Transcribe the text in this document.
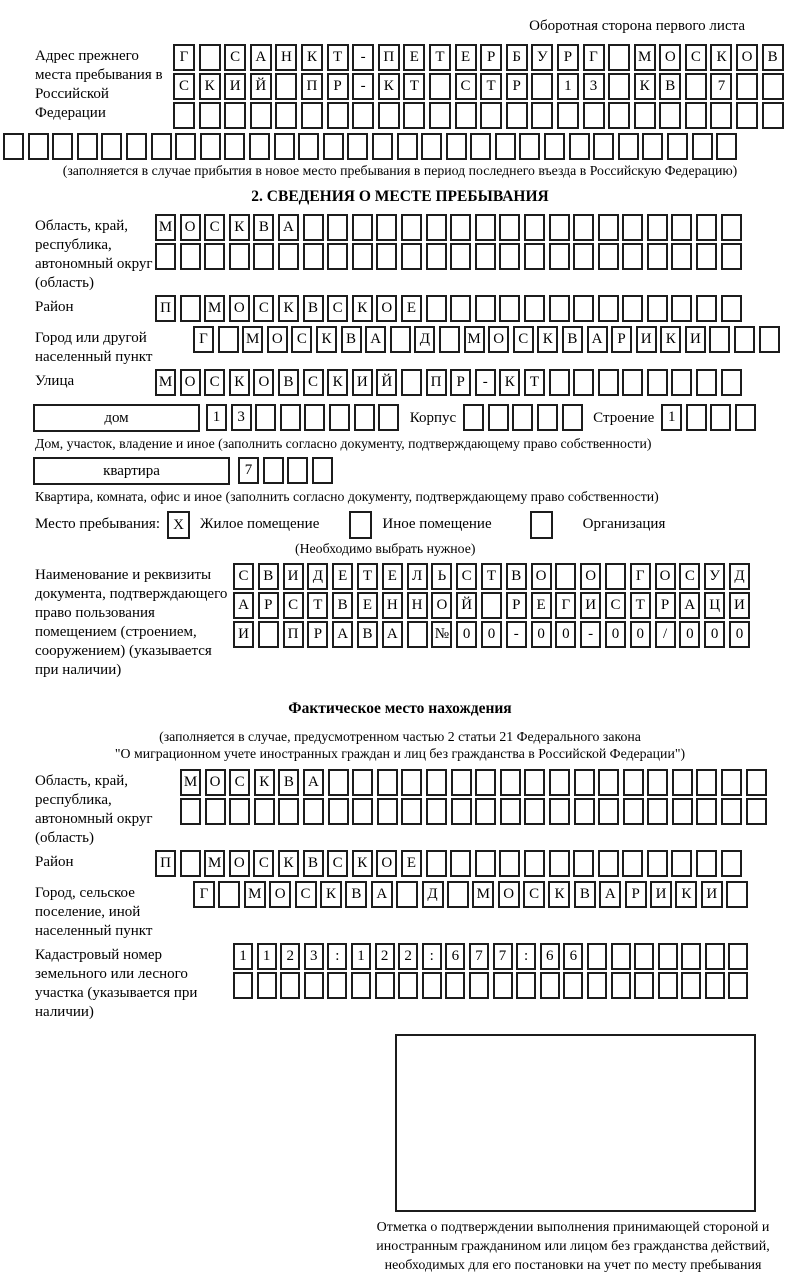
Оборотная сторона первого листа
Адрес прежнего места пребывания в Российской Федерации
Г	С А Н К Т - П Е Т Е Р Б У Р Г	М О С К О В
С К И Й	П Р - К Т	С Т Р	1 3	К В	7
(заполняется в случае прибытия в новое место пребывания в период последнего въезда в Российскую Федерацию)
2. СВЕДЕНИЯ О МЕСТЕ ПРЕБЫВАНИЯ
Область, край, республика, автономный округ (область)
М О С К В А
Район	П М О С К В С К О Е
Город или другой населенный пункт
Г	М О С К В А	Д М О С К В А Р И К И
Улица	М О С К О В С К И Й	П Р - К Т
дом	1 3	Корпус	Строение 1
Дом, участок, владение и иное (заполнить согласно документу, подтверждающему право собственности)
квартира	7
Квартира, комната, офис и иное (заполнить согласно документу, подтверждающему право собственности)
Место пребывания: X	Жилое помещение	Иное помещение	Организация
(Необходимо выбрать нужное)
Наименование и реквизиты документа, подтверждающего право пользования помещением (строением, сооружением) (указывается при наличии)
С В И Д Е Т Е Л Ь С Т В О	О	Г О С У Д
А Р С Т В Е Н Н О Й	Р Е Г И С Т Р А Ц И
И	П Р А В А № 0 0 - 0 0 - 0 0 / 0 0 0
Фактическое место нахождения
(заполняется в случае, предусмотренном частью 2 статьи 21 Федерального закона
"О миграционном учете иностранных граждан и лиц без гражданства в Российской Федерации")
Область, край, республика, автономный округ (область)
М О С К В А
Район	П М О С К В С К О Е
Город, сельское поселение, иной населенный пункт
Г	М О С К В А	Д	М О С К В А Р И К И
Кадастровый номер земельного или лесного участка (указывается при наличии)
1 1 2 3 : 1 2 2 : 6 7 7 : 6 6
Отметка о подтверждении выполнения принимающей стороной и иностранным гражданином или лицом без гражданства действий, необходимых для его постановки на учет по месту пребывания
